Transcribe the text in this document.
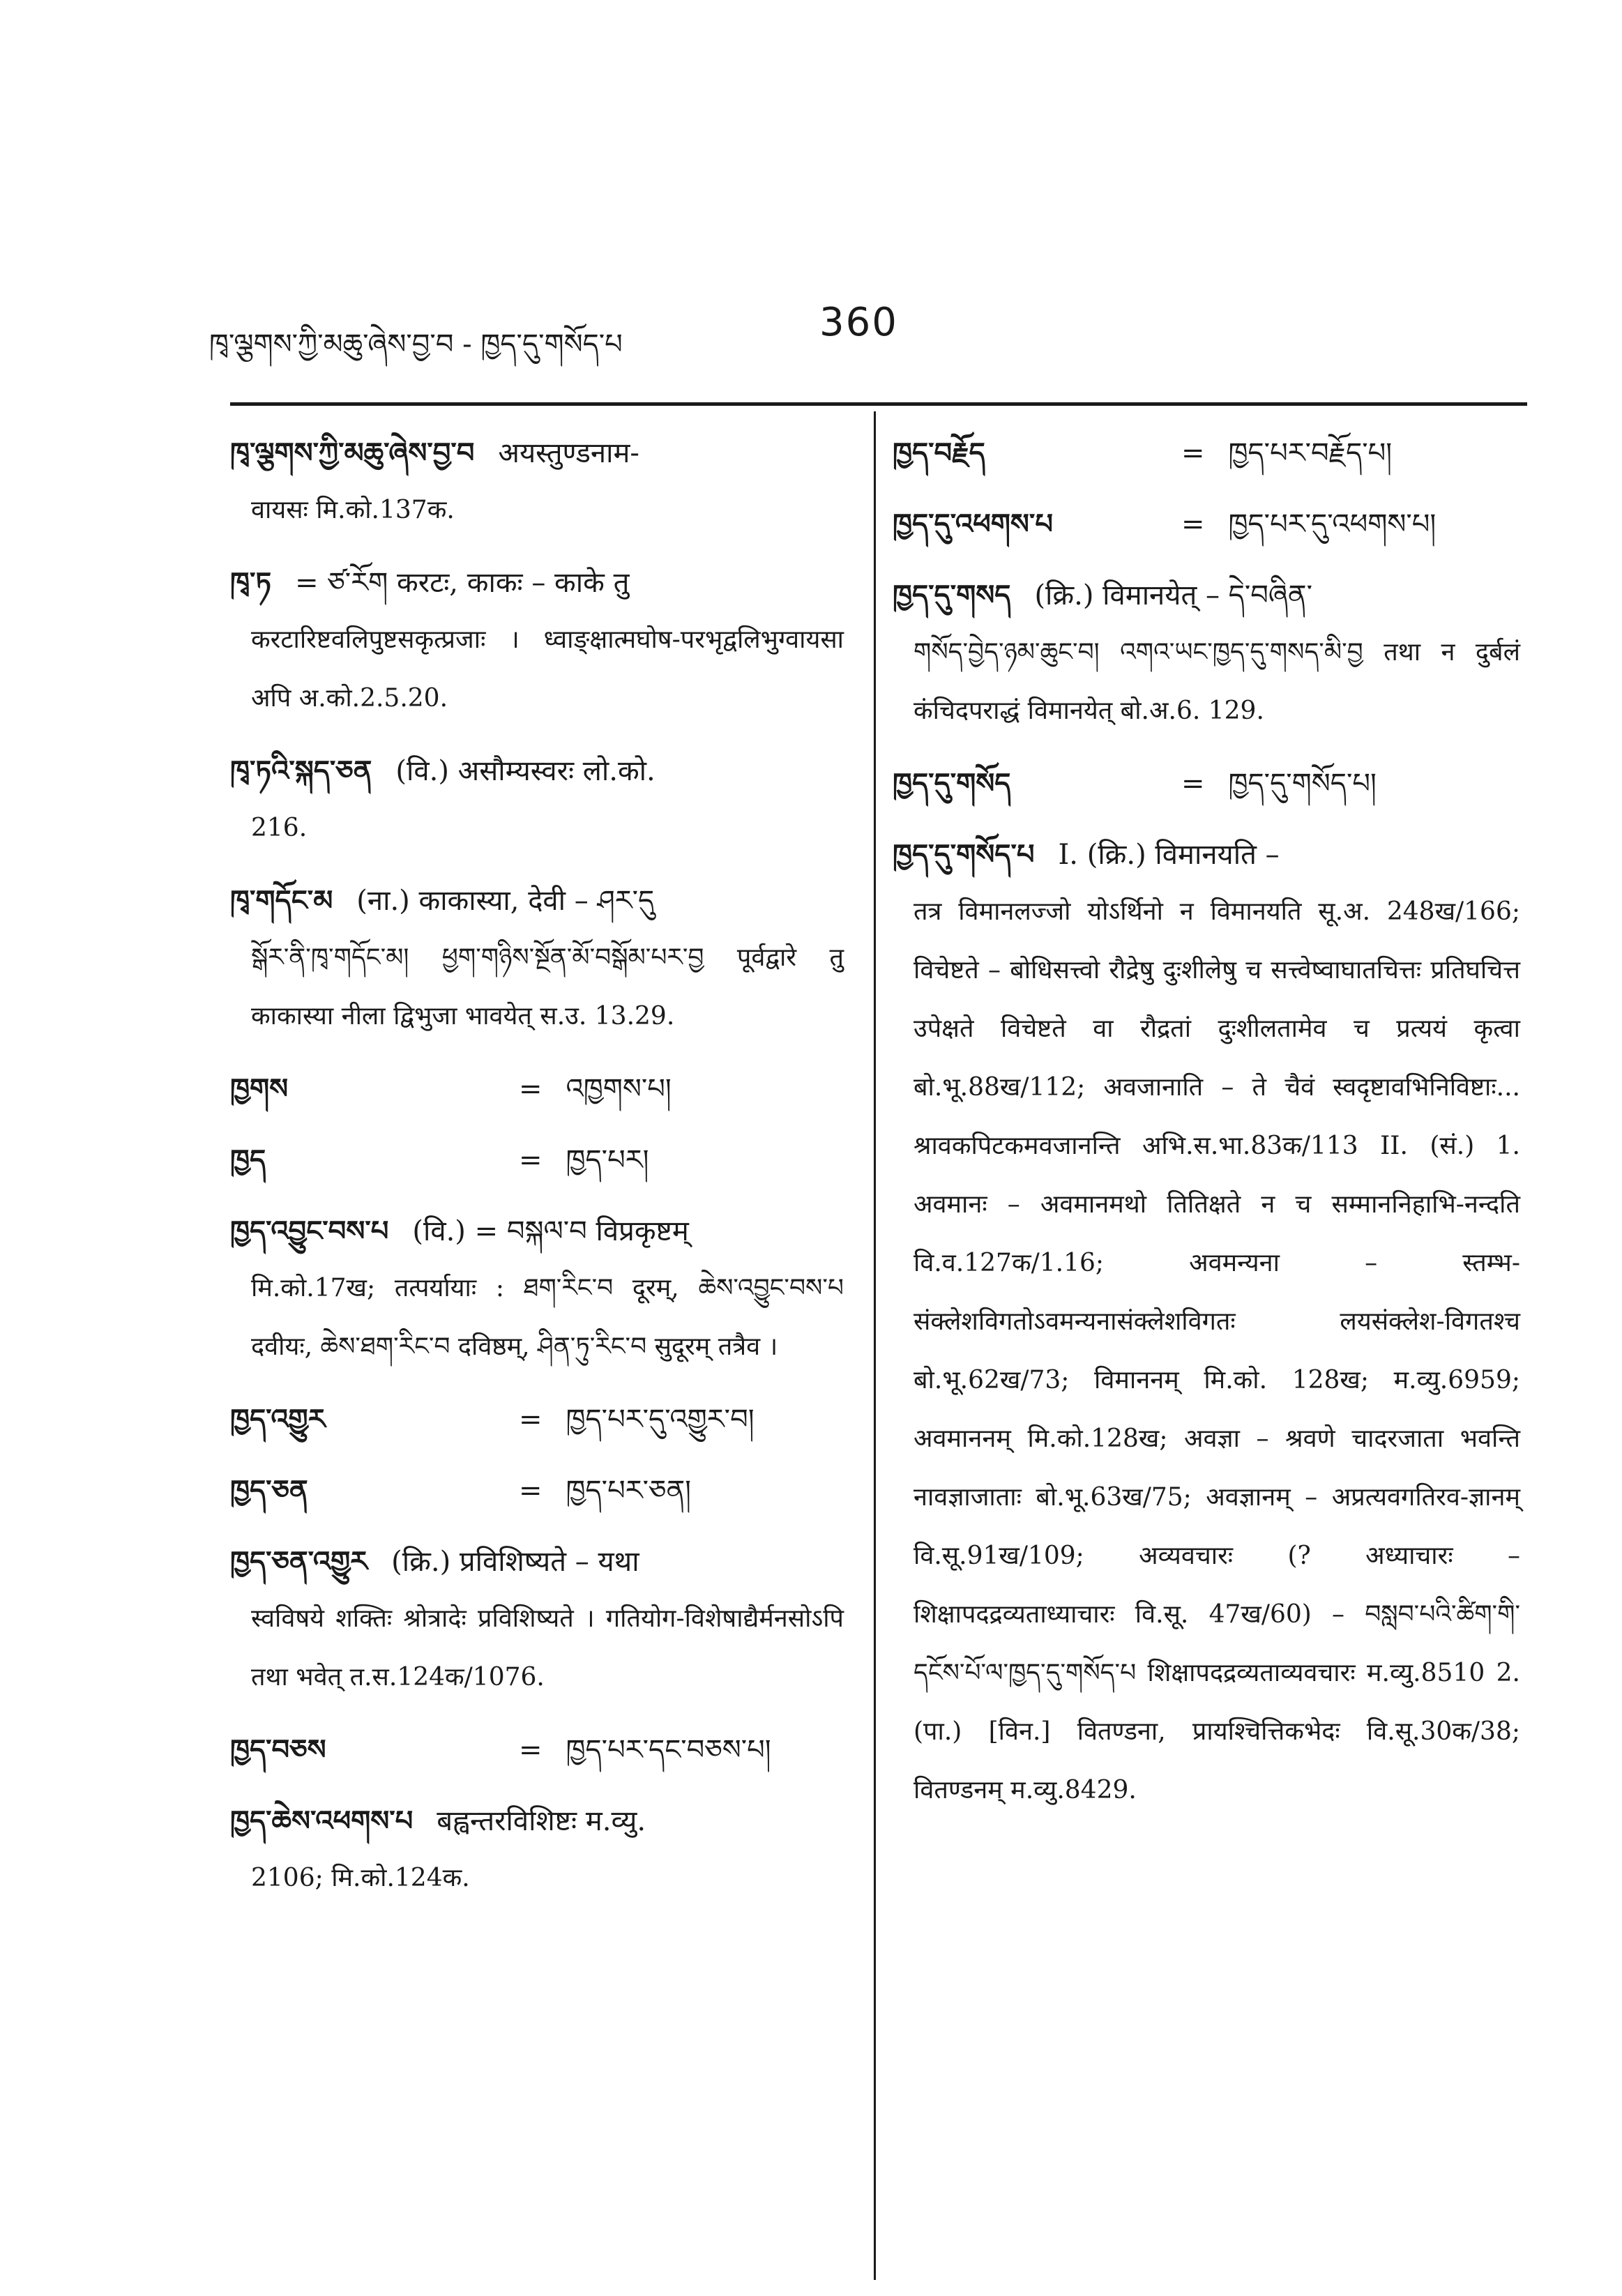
ཁྭ་ལྕགས་ཀྱི་མཆུ་ཞེས་བྱ་བ - ཁྱད་དུ་གསོད་པ	360
ཁྭ་ལྕགས་ཀྱི་མཆུ་ཞེས་བྱ་བ अयस्तुण्डनाम-
वायसः मि.को.137क.
ཁྭ་ཏ = ཙ་རོག करटः, काकः – काके तु
करटारिष्टवलिपुष्टसकृत्प्रजाः । ध्वाङ्क्षात्मघोष-परभृद्वलिभुग्वायसा अपि अ.को.2.5.20.
ཁྭ་ཏའི་སྐད་ཅན (वि.) असौम्यस्वरः लो.को.
216.
ཁྭ་གདོང་མ (ना.) काकास्या, देवी – ཤར་དུ
སྒོར་ནི་ཁྭ་གདོང་མ། ཕྱག་གཉིས་སྔོན་མོ་བསྒོམ་པར་བྱ पूर्वद्वारे तु काकास्या नीला द्विभुजा भावयेत् स.उ. 13.29.
ཁྱགས	= འཁྱགས་པ།
ཁྱད	= ཁྱད་པར།
ཁྱད་འབྱུང་བས་པ (वि.) = བསྐལ་བ विप्रकृष्टम्
मि.को.17ख; तत्पर्यायाः : ཐག་རིང་བ दूरम्, ཆེས་འབྱུང་བས་པ दवीयः, ཆེས་ཐག་རིང་བ दविष्ठम्, ཤིན་ཏུ་རིང་བ सुदूरम् तत्रैव ।
ཁྱད་འགྱུར	= ཁྱད་པར་དུ་འགྱུར་བ།
ཁྱད་ཅན	= ཁྱད་པར་ཅན།
ཁྱད་ཅན་འགྱུར (क्रि.) प्रविशिष्यते – यथा
स्वविषये शक्तिः श्रोत्रादेः प्रविशिष्यते । गतियोग-विशेषाद्यैर्मनसोऽपि तथा भवेत् त.स.124क/1076.
ཁྱད་བཅས	= ཁྱད་པར་དང་བཅས་པ།
ཁྱད་ཆེས་འཕགས་པ बह्वन्तरविशिष्टः म.व्यु.
2106; मि.को.124क.
ཁྱད་བརྗོད	= ཁྱད་པར་བརྗོད་པ།
ཁྱད་དུ་འཕགས་པ	= ཁྱད་པར་དུ་འཕགས་པ།
ཁྱད་དུ་གསད (क्रि.) विमानयेत् – དེ་བཞིན་
གསོད་བྱེད་ཉམ་ཆུང་བ། འགའ་ཡང་ཁྱད་དུ་གསད་མི་བྱ तथा न दुर्बलं कंचिदपराद्धं विमानयेत् बो.अ.6. 129.
ཁྱད་དུ་གསོད	= ཁྱད་དུ་གསོད་པ།
ཁྱད་དུ་གསོད་པ I. (क्रि.) विमानयति –
तत्र विमानलज्जो योऽर्थिनो न विमानयति सू.अ. 248ख/166; विचेष्टते – बोधिसत्त्वो रौद्रेषु दुःशीलेषु च सत्त्वेष्वाघातचित्तः प्रतिघचित्त उपेक्षते विचेष्टते वा रौद्रतां दुःशीलतामेव च प्रत्ययं कृत्वा बो.भू.88ख/112; अवजानाति – ते चैवं स्वदृष्टावभिनिविष्टाः... श्रावकपिटकमवजानन्ति अभि.स.भा.83क/113 II. (सं.) 1. अवमानः – अवमानमथो तितिक्षते न च सम्माननिहाभि-नन्दति वि.व.127क/1.16; अवमन्यना – स्तम्भ-संक्लेशविगतोऽवमन्यनासंक्लेशविगतः लयसंक्लेश-विगतश्च बो.भू.62ख/73; विमाननम् मि.को. 128ख; म.व्यु.6959; अवमाननम् मि.को.128ख; अवज्ञा – श्रवणे चादरजाता भवन्ति नावज्ञाजाताः बो.भू.63ख/75; अवज्ञानम् – अप्रत्यवगतिरव-ज्ञानम् वि.सू.91ख/109; अव्यवचारः (? अध्याचारः – शिक्षापदद्रव्यताध्याचारः वि.सू. 47ख/60) – བསླབ་པའི་ཚིག་གི་དངོས་པོ་ལ་ཁྱད་དུ་གསོད་པ शिक्षापदद्रव्यताव्यवचारः म.व्यु.8510 2. (पा.) [विन.] वितण्डना, प्रायश्चित्तिकभेदः वि.सू.30क/38; वितण्डनम् म.व्यु.8429.
